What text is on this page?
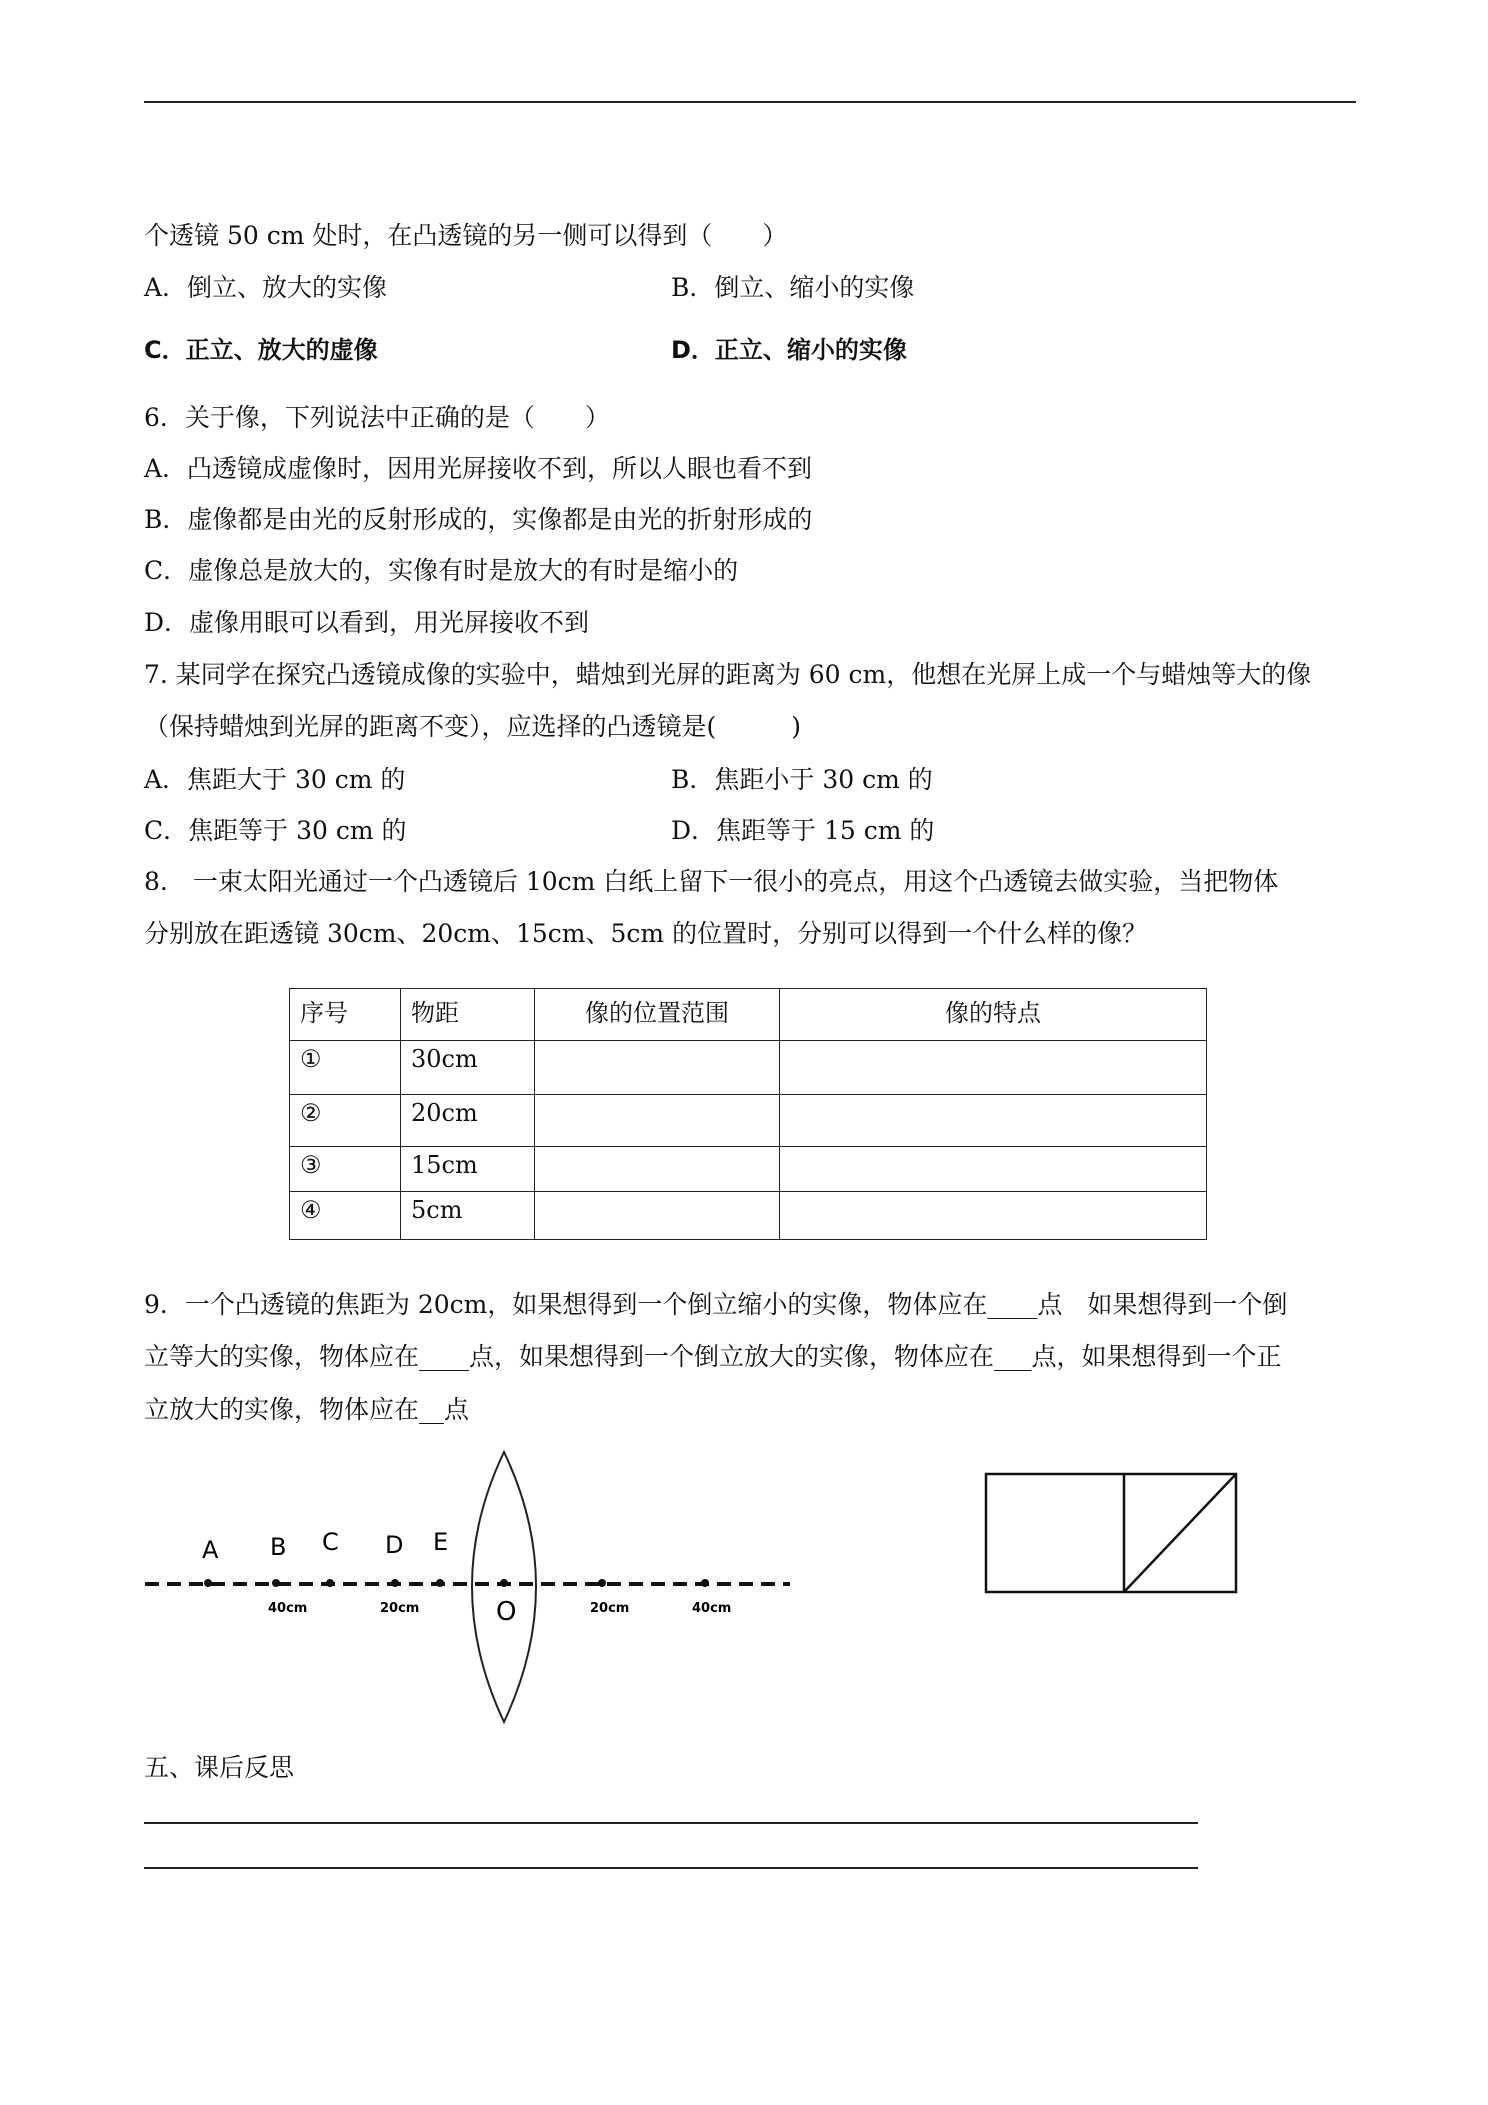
个透镜 50 cm 处时，在凸透镜的另一侧可以得到（　　）
A．倒立、放大的实像	B．倒立、缩小的实像
C．正立、放大的虚像	D．正立、缩小的实像
6．关于像，下列说法中正确的是（　　）
A．凸透镜成虚像时，因用光屏接收不到，所以人眼也看不到
B．虚像都是由光的反射形成的，实像都是由光的折射形成的
C．虚像总是放大的，实像有时是放大的有时是缩小的
D．虚像用眼可以看到，用光屏接收不到
7. 某同学在探究凸透镜成像的实验中，蜡烛到光屏的距离为 60 cm，他想在光屏上成一个与蜡烛等大的像
（保持蜡烛到光屏的距离不变），应选择的凸透镜是(　　　)
A．焦距大于 30 cm 的	B．焦距小于 30 cm 的
C．焦距等于 30 cm 的	D．焦距等于 15 cm 的
8.　一束太阳光通过一个凸透镜后 10cm 白纸上留下一很小的亮点，用这个凸透镜去做实验，当把物体
分别放在距透镜 30cm、20cm、15cm、5cm 的位置时，分别可以得到一个什么样的像？
序号	物距	像的位置范围	像的特点
①	30cm		
②	20cm		
③	15cm		
④	5cm		
9．一个凸透镜的焦距为 20cm，如果想得到一个倒立缩小的实像，物体应在____点　如果想得到一个倒
立等大的实像，物体应在____点，如果想得到一个倒立放大的实像，物体应在___点，如果想得到一个正
立放大的实像，物体应在__点
A B C D E
O
40cm	20cm	20cm	40cm
五、课后反思
